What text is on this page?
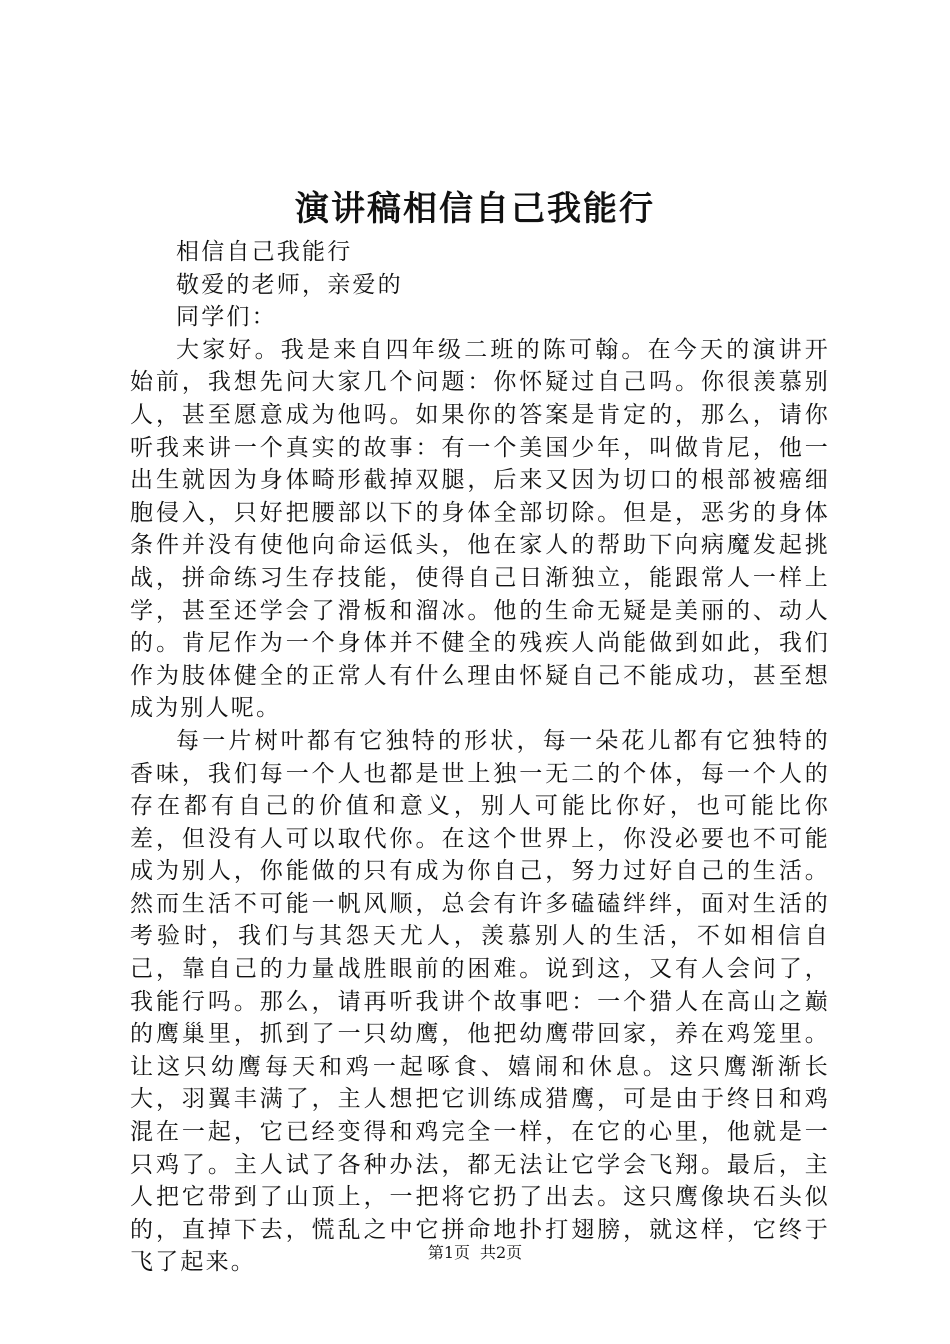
演讲稿相信自己我能行

相信自己我能行

敬爱的老师，亲爱的

同学们：

大家好。我是来自四年级二班的陈可翰。在今天的演讲开始前，我想先问大家几个问题：你怀疑过自己吗。你很羡慕别人，甚至愿意成为他吗。如果你的答案是肯定的，那么，请你听我来讲一个真实的故事：有一个美国少年，叫做肯尼，他一出生就因为身体畸形截掉双腿，后来又因为切口的根部被癌细胞侵入，只好把腰部以下的身体全部切除。但是，恶劣的身体条件并没有使他向命运低头，他在家人的帮助下向病魔发起挑战，拼命练习生存技能，使得自己日渐独立，能跟常人一样上学，甚至还学会了滑板和溜冰。他的生命无疑是美丽的、动人的。肯尼作为一个身体并不健全的残疾人尚能做到如此，我们作为肢体健全的正常人有什么理由怀疑自己不能成功，甚至想成为别人呢。

每一片树叶都有它独特的形状，每一朵花儿都有它独特的香味，我们每一个人也都是世上独一无二的个体，每一个人的存在都有自己的价值和意义，别人可能比你好，也可能比你差，但没有人可以取代你。在这个世界上，你没必要也不可能成为别人，你能做的只有成为你自己，努力过好自己的生活。然而生活不可能一帆风顺，总会有许多磕磕绊绊，面对生活的考验时，我们与其怨天尤人，羡慕别人的生活，不如相信自己，靠自己的力量战胜眼前的困难。说到这，又有人会问了，我能行吗。那么，请再听我讲个故事吧：一个猎人在高山之巅的鹰巢里，抓到了一只幼鹰，他把幼鹰带回家，养在鸡笼里。让这只幼鹰每天和鸡一起啄食、嬉闹和休息。这只鹰渐渐长大，羽翼丰满了，主人想把它训练成猎鹰，可是由于终日和鸡混在一起，它已经变得和鸡完全一样，在它的心里，他就是一只鸡了。主人试了各种办法，都无法让它学会飞翔。最后，主人把它带到了山顶上，一把将它扔了出去。这只鹰像块石头似的，直掉下去，慌乱之中它拼命地扑打翅膀，就这样，它终于飞了起来。	第1页 共2页
